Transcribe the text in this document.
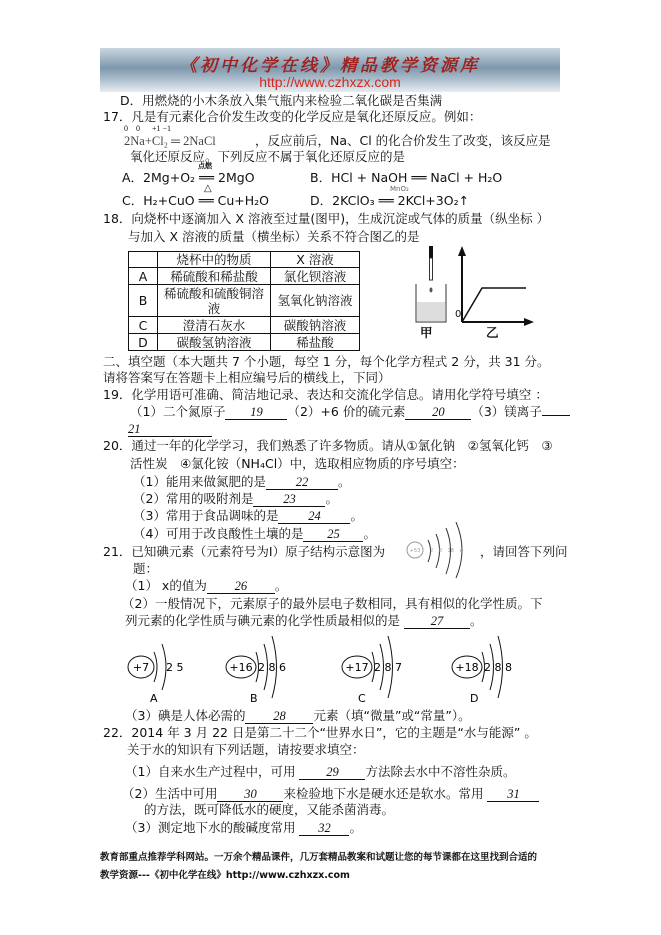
《初中化学在线》精品教学资源库
http://www.czhxzx.com
D．用燃烧的小木条放入集气瓶内来检验二氧化碳是否集满
17．凡是有元素化合价发生改变的化学反应是氧化还原反应。例如：
0    0      +1 −1
2Na+Cl₂ ═ 2NaCl	，反应前后，Na、Cl 的化合价发生了改变，该反应是
氧化还原反应。下列反应不属于氧化还原反应的是
A．2Mg+O₂ ══ 2MgO
点燃
B．HCl + NaOH ══ NaCl + H₂O
C．H₂+CuO ══ Cu+H₂O
△
D．2KClO₃ ══ 2KCl+3O₂↑
MnO₂
18．向烧杯中逐滴加入 X 溶液至过量(图甲)，生成沉淀或气体的质量（纵坐标 ）
与加入 X 溶液的质量（横坐标）关系不符合图乙的是
	烧杯中的物质	X 溶液
A	稀硫酸和稀盐酸	氯化钡溶液
B	稀硫酸和硫酸铜溶液	氢氧化钠溶液
C	澄清石灰水	碳酸钠溶液
D	碳酸氢钠溶液	稀盐酸
0
甲	乙
二、填空题（本大题共 7 个小题，每空 1 分，每个化学方程式 2 分，共 31 分。
请将答案写在答题卡上相应编号后的横线上，下同）
19．化学用语可准确、简洁地记录、表达和交流化学信息。请用化学符号填空 ：
（1）二个氮原子 19 （2）+6 价的硫元素 20 （3）镁离子
21
20．通过一年的化学学习，我们熟悉了许多物质。请从①氯化钠　②氢氧化钙　③
活性炭　④氯化铵（NH₄Cl）中，选取相应物质的序号填空：
（1）能用来做氮肥的是 22 。
（2）常用的吸附剂是 23 。
（3）常用于食品调味的是 24 。
（4）可用于改良酸性土壤的是 25 。
+53 2 8 18 x
21．已知碘元素（元素符号为I）原子结构示意图为	，请回答下列问
题：
（1） x的值为 26 。
（2）一般情况下，元素原子的最外层电子数相同，具有相似的化学性质。下
列元素的化学性质与碘元素的化学性质最相似的是 27 。
+7 2 5
A
+16 2 8 6
B
+17 2 8 7
C
+18 2 8 8
D
（3）碘是人体必需的 28 元素（填“微量”或“常量”）。
22．2014 年 3 月 22 日是第二十二个“世界水日”，它的主题是“水与能源” 。
关于水的知识有下列话题，请按要求填空：
（1）自来水生产过程中，可用 29 方法除去水中不溶性杂质。
（2）生活中可用 30 来检验地下水是硬水还是软水。常用 31
的方法，既可降低水的硬度，又能杀菌消毒。
（3）测定地下水的酸碱度常用 32 。
教育部重点推荐学科网站。一万余个精品课件，几万套精品教案和试题让您的每节课都在这里找到合适的
教学资源---《初中化学在线》http://www.czhxzx.com
